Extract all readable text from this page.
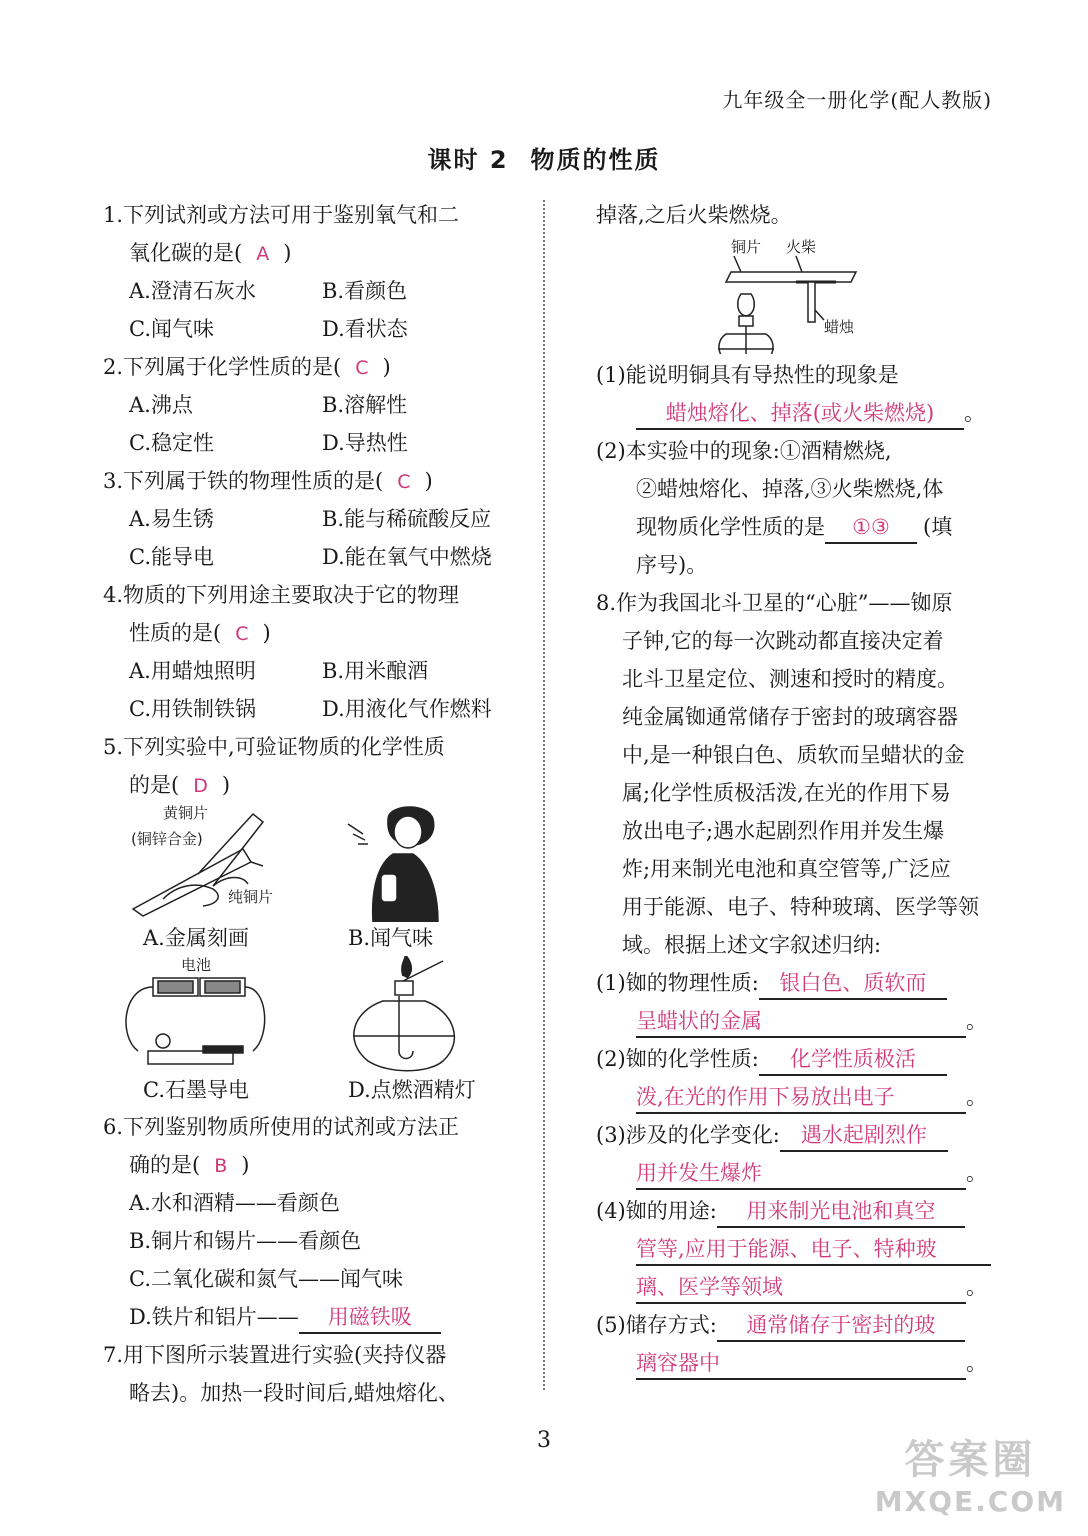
九年级全一册化学(配人教版)
课时 2 物质的性质
1.下列试剂或方法可用于鉴别氧气和二
氧化碳的是( A )
A.澄清石灰水	B.看颜色
C.闻气味	D.看状态
2.下列属于化学性质的是( C )
A.沸点	B.溶解性
C.稳定性	D.导热性
3.下列属于铁的物理性质的是( C )
A.易生锈	B.能与稀硫酸反应
C.能导电	D.能在氧气中燃烧
4.物质的下列用途主要取决于它的物理
性质的是( C )
A.用蜡烛照明	B.用米酿酒
C.用铁制铁锅	D.用液化气作燃料
5.下列实验中,可验证物质的化学性质
的是( D )
黄铜片
(铜锌合金)
纯铜片
A.金属刻画	B.闻气味
电池
C.石墨导电	D.点燃酒精灯
6.下列鉴别物质所使用的试剂或方法正
确的是( B )
A.水和酒精——看颜色
B.铜片和锡片——看颜色
C.二氧化碳和氮气——闻气味
D.铁片和铝片—— 用磁铁吸
7.用下图所示装置进行实验(夹持仪器
略去)。加热一段时间后,蜡烛熔化、
掉落,之后火柴燃烧。
铜片 火柴
蜡烛
(1)能说明铜具有导热性的现象是
蜡烛熔化、掉落(或火柴燃烧) 。
(2)本实验中的现象:①酒精燃烧,
②蜡烛熔化、掉落,③火柴燃烧,体
现物质化学性质的是 ①③ (填
序号)。
8.作为我国北斗卫星的“心脏”——铷原
子钟,它的每一次跳动都直接决定着
北斗卫星定位、测速和授时的精度。
纯金属铷通常储存于密封的玻璃容器
中,是一种银白色、质软而呈蜡状的金
属;化学性质极活泼,在光的作用下易
放出电子;遇水起剧烈作用并发生爆
炸;用来制光电池和真空管等,广泛应
用于能源、电子、特种玻璃、医学等领
域。根据上述文字叙述归纳:
(1)铷的物理性质: 银白色、质软而
呈蜡状的金属	。
(2)铷的化学性质: 化学性质极活
泼,在光的作用下易放出电子	。
(3)涉及的化学变化: 遇水起剧烈作
用并发生爆炸	。
(4)铷的用途: 用来制光电池和真空
管等,应用于能源、电子、特种玻
璃、医学等领域	。
(5)储存方式: 通常储存于密封的玻
璃容器中	。
3	答案圈
MXQE.COM
